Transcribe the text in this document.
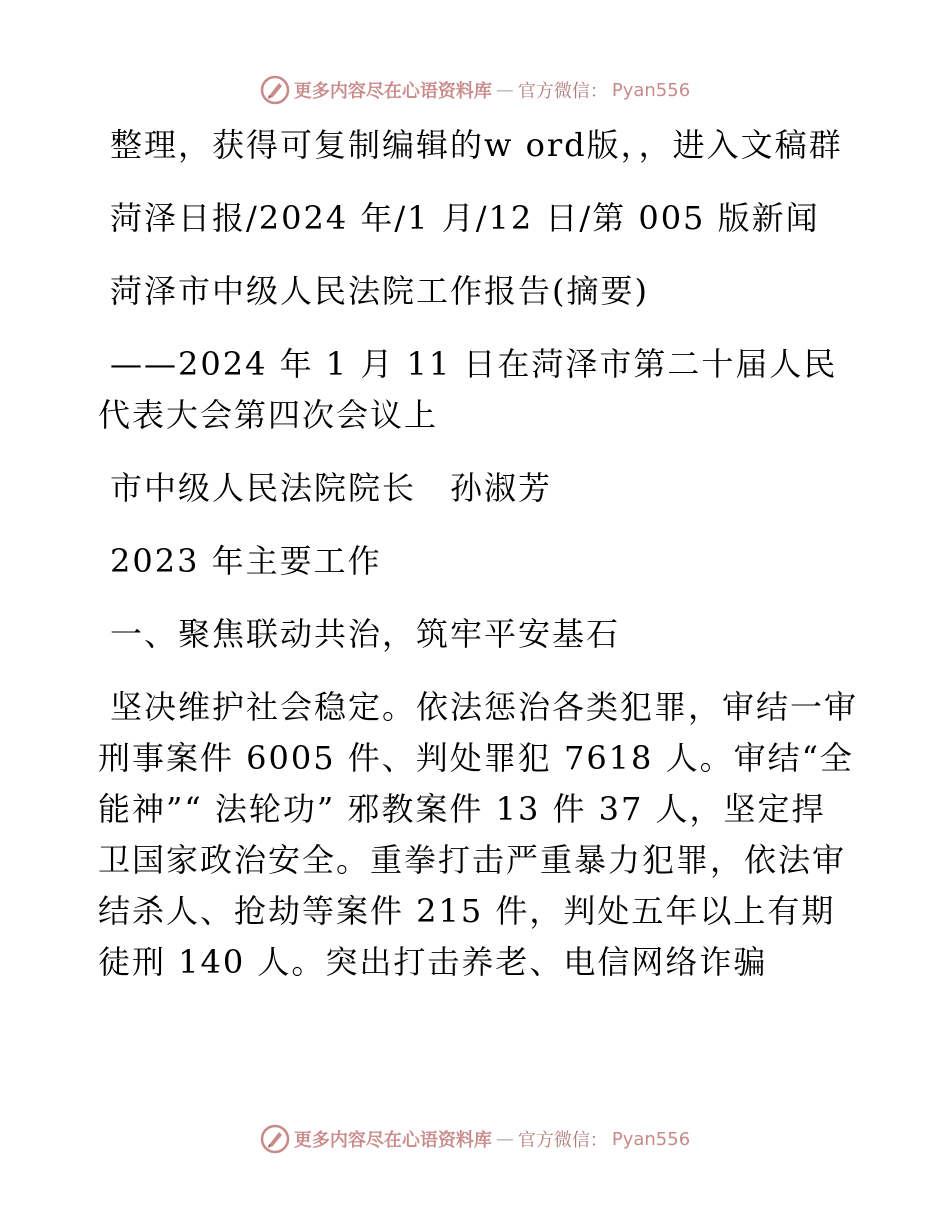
更多内容尽在心语资料库 — 官方微信： Pyan556

整理，获得可复制编辑的w ord版，，进入文稿群

菏泽日报/2024 年/1 月/12 日/第 005 版新闻

菏泽市中级人民法院工作报告(摘要)

——2024 年 1 月 11 日在菏泽市第二十届人民代表大会第四次会议上

市中级人民法院院长　孙淑芳

2023 年主要工作

一、聚焦联动共治，筑牢平安基石

坚决维护社会稳定。依法惩治各类犯罪，审结一审刑事案件 6005 件、判处罪犯 7618 人。审结“全能神”“ 法轮功” 邪教案件 13 件 37 人，坚定捍卫国家政治安全。重拳打击严重暴力犯罪，依法审结杀人、抢劫等案件 215 件，判处五年以上有期徒刑 140 人。突出打击养老、电信网络诈骗

更多内容尽在心语资料库 — 官方微信： Pyan556
